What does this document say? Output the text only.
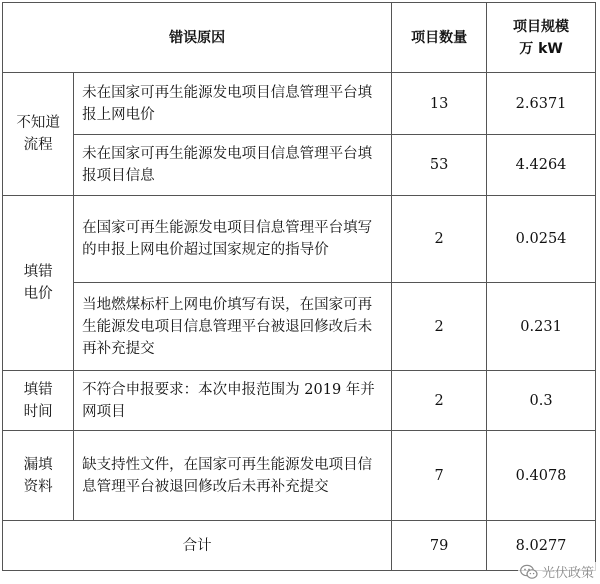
错误原因		项目数量	项目规模
万 kW

不知道
流程	未在国家可再生能源发电项目信息管理平台填报上网电价	13	2.6371
	未在国家可再生能源发电项目信息管理平台填报项目信息	53	4.4264

填错
电价	在国家可再生能源发电项目信息管理平台填写的申报上网电价超过国家规定的指导价	2	0.0254
	当地燃煤标杆上网电价填写有误，在国家可再生能源发电项目信息管理平台被退回修改后未再补充提交	2	0.231

填错
时间	不符合申报要求：本次申报范围为 2019 年并网项目	2	0.3

漏填
资料	缺支持性文件，在国家可再生能源发电项目信息管理平台被退回修改后未再补充提交	7	0.4078
合计		79	8.0277
光伏政策
